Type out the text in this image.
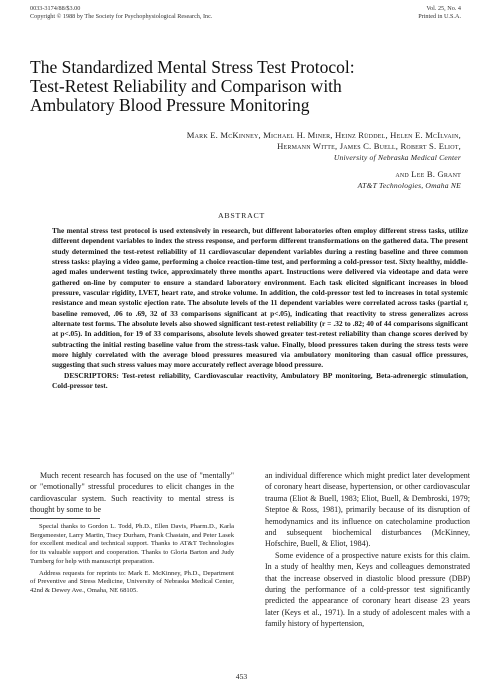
0033-3174/88/$3.00
Copyright © 1988 by The Society for Psychophysiological Research, Inc.
Vol. 25, No. 4
Printed in U.S.A.
The Standardized Mental Stress Test Protocol:
Test-Retest Reliability and Comparison with
Ambulatory Blood Pressure Monitoring
Mark E. McKinney, Michael H. Miner, Heinz Rüddel, Helen E. McIlvain,
Hermann Witte, James C. Buell, Robert S. Eliot,
University of Nebraska Medical Center
and Lee B. Grant
AT&T Technologies, Omaha NE
ABSTRACT

The mental stress test protocol is used extensively in research, but different laboratories often employ different stress tasks, utilize different dependent variables to index the stress response, and perform different transformations on the gathered data. The present study determined the test-retest reliability of 11 cardiovascular dependent variables during a resting baseline and three common stress tasks: playing a video game, performing a choice reaction-time test, and performing a cold-pressor test. Sixty healthy, middle-aged males underwent testing twice, approximately three months apart. Instructions were delivered via videotape and data were gathered on-line by computer to ensure a standard laboratory environment. Each task elicited significant increases in blood pressure, vascular rigidity, LVET, heart rate, and stroke volume. In addition, the cold-pressor test led to increases in total systemic resistance and mean systolic ejection rate. The absolute levels of the 11 dependent variables were correlated across tasks (partial r, baseline removed, .06 to .69, 32 of 33 comparisons significant at p<.05), indicating that reactivity to stress generalizes across alternate test forms. The absolute levels also showed significant test-retest reliability (r = .32 to .82; 40 of 44 comparisons significant at p<.05). In addition, for 19 of 33 comparisons, absolute levels showed greater test-retest reliability than change scores derived by subtracting the initial resting baseline value from the stress-task value. Finally, blood pressures taken during the stress tests were more highly correlated with the average blood pressures measured via ambulatory monitoring than casual office pressures, suggesting that such stress values may more accurately reflect average blood pressure.

DESCRIPTORS: Test-retest reliability, Cardiovascular reactivity, Ambulatory BP monitoring, Beta-adrenergic stimulation, Cold-pressor test.

Much recent research has focused on the use of "mentally" or "emotionally" stressful procedures to elicit changes in the cardiovascular system. Such reactivity to mental stress is thought by some to be

Special thanks to Gordon L. Todd, Ph.D., Ellen Davis, Pharm.D., Karla Bergsmeester, Larry Martin, Tracy Durham, Frank Chastain, and Peter Lasek for excellent medical and technical support. Thanks to AT&T Technologies for its valuable support and cooperation. Thanks to Gloria Barton and Judy Turnberg for help with manuscript preparation.

Address requests for reprints to: Mark E. McKinney, Ph.D., Department of Preventive and Stress Medicine, University of Nebraska Medical Center, 42nd & Dewey Ave., Omaha, NE 68105.

an individual difference which might predict later development of coronary heart disease, hypertension, or other cardiovascular trauma (Eliot & Buell, 1983; Eliot, Buell, & Dembroski, 1979; Steptoe & Ross, 1981), primarily because of its disruption of hemodynamics and its influence on catecholamine production and subsequent biochemical disturbances (McKinney, Hofschire, Buell, & Eliot, 1984).

Some evidence of a prospective nature exists for this claim. In a study of healthy men, Keys and colleagues demonstrated that the increase observed in diastolic blood pressure (DBP) during the performance of a cold-pressor test significantly predicted the appearance of coronary heart disease 23 years later (Keys et al., 1971). In a study of adolescent males with a family history of hypertension,

453
